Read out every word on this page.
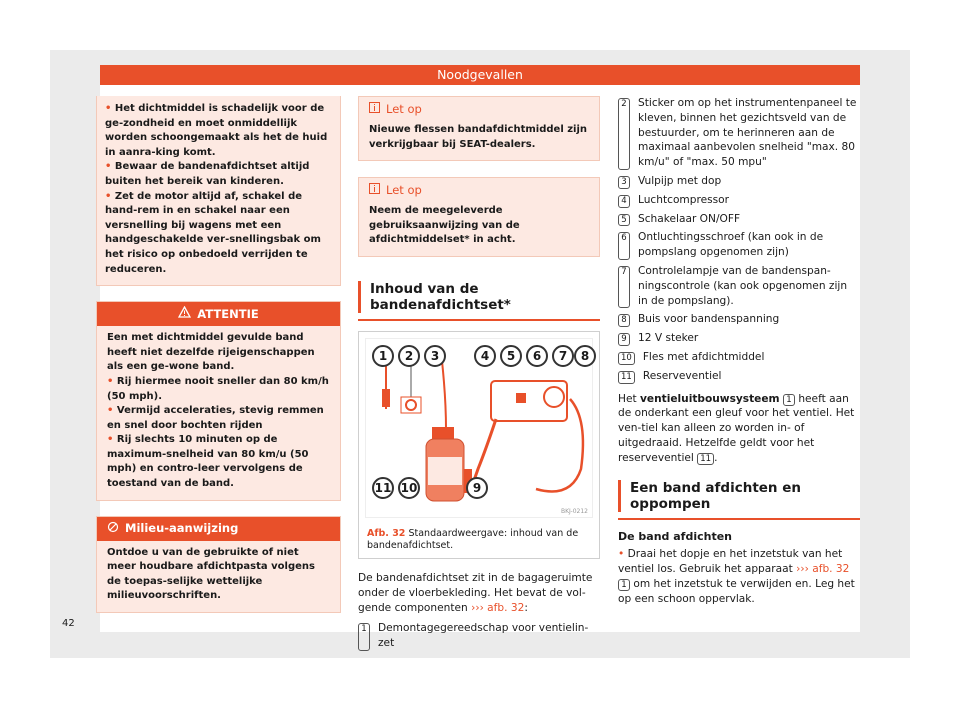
Noodgevallen

• Het dichtmiddel is schadelijk voor de ge-zondheid en moet onmiddellijk worden schoongemaakt als het de huid in aanra-king komt.

• Bewaar de bandenafdichtset altijd buiten het bereik van kinderen.

• Zet de motor altijd af, schakel de hand-rem in en schakel naar een versnelling bij wagens met een handgeschakelde ver-snellingsbak om het risico op onbedoeld verrijden te reduceren.

ATTENTIE

Een met dichtmiddel gevulde band heeft niet dezelfde rijeigenschappen als een ge-wone band.

• Rij hiermee nooit sneller dan 80 km/h (50 mph).

• Vermijd acceleraties, stevig remmen en snel door bochten rijden

• Rij slechts 10 minuten op de maximum-snelheid van 80 km/u (50 mph) en contro-leer vervolgens de toestand van de band.

Milieu-aanwijzing

Ontdoe u van de gebruikte of niet meer houdbare afdichtpasta volgens de toepas-selijke wettelijke milieuvoorschriften.

Let op

Nieuwe flessen bandafdichtmiddel zijn verkrijgbaar bij SEAT-dealers.

Let op

Neem de meegeleverde gebruiksaanwijzing van de afdichtmiddelset* in acht.

Inhoud van de bandenafdichtset*
1	2	3	4	5	6	7	8
11 10	9
BKJ-0212
Afb. 32 Standaardweergave: inhoud van de bandenafdichtset.

De bandenafdichtset zit in de bagageruimte onder de vloerbekleding. Het bevat de vol-gende componenten ››› afb. 32:

1	Demontagegereedschap voor ventielin-zet
2	Sticker om op het instrumentenpaneel te kleven, binnen het gezichtsveld van de bestuurder, om te herinneren aan de maximaal aanbevolen snelheid "max. 80 km/u" of "max. 50 mpu"
3	Vulpijp met dop
4	Luchtcompressor
5	Schakelaar ON/OFF
6	Ontluchtingsschroef (kan ook in de pompslang opgenomen zijn)
7	Controlelampje van de bandenspan-ningscontrole (kan ook opgenomen zijn in de pompslang).
8	Buis voor bandenspanning
9	12 V steker
10 Fles met afdichtmiddel
11 Reserveventiel

Het ventieluitbouwsysteem 1 heeft aan de onderkant een gleuf voor het ventiel. Het ven-tiel kan alleen zo worden in- of uitgedraaid. Hetzelfde geldt voor het reserveventiel 11 .

Een band afdichten en oppompen

De band afdichten

• Draai het dopje en het inzetstuk van het ventiel los. Gebruik het apparaat ››› afb. 32 1 om het inzetstuk te verwijden en. Leg het op een schoon oppervlak.

42
